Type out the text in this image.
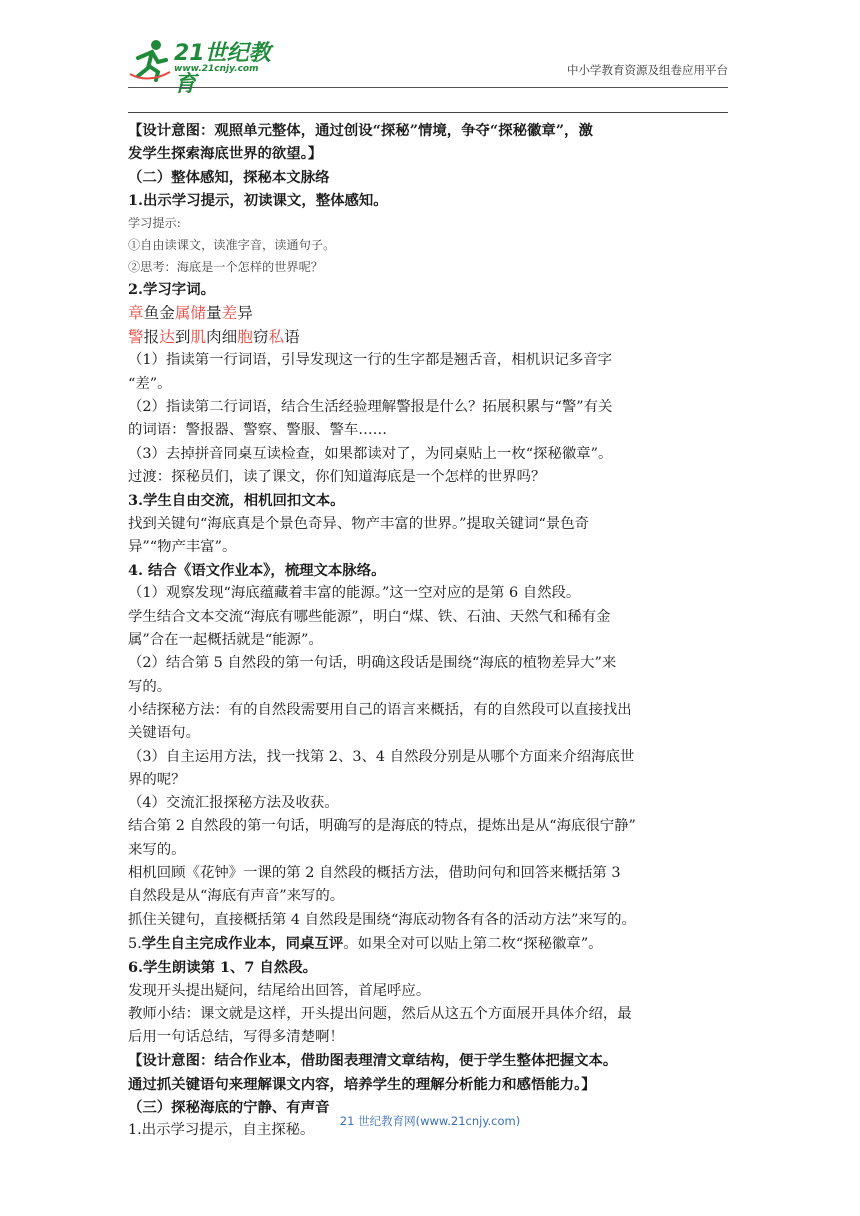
21世纪教育
www.21cnjy.com	中小学教育资源及组卷应用平台
【设计意图：观照单元整体，通过创设“探秘”情境，争夺“探秘徽章”，激
发学生探索海底世界的欲望。】
（二）整体感知，探秘本文脉络
1.出示学习提示，初读课文，整体感知。
学习提示:
①自由读课文，读准字音，读通句子。
②思考：海底是一个怎样的世界呢？
2.学习字词。
章鱼金属储量差异
警报达到肌肉细胞窃私语
（1）指读第一行词语，引导发现这一行的生字都是翘舌音，相机识记多音字
“差”。
（2）指读第二行词语，结合生活经验理解警报是什么？拓展积累与“警”有关
的词语：警报器、警察、警服、警车……
（3）去掉拼音同桌互读检查，如果都读对了，为同桌贴上一枚“探秘徽章”。
过渡：探秘员们，读了课文，你们知道海底是一个怎样的世界吗？
3.学生自由交流，相机回扣文本。
找到关键句“海底真是个景色奇异、物产丰富的世界。”提取关键词“景色奇
异”“物产丰富”。
4. 结合《语文作业本》，梳理文本脉络。
（1）观察发现“海底蕴藏着丰富的能源。”这一空对应的是第 6 自然段。
学生结合文本交流“海底有哪些能源”，明白“煤、铁、石油、天然气和稀有金
属”合在一起概括就是“能源”。
（2）结合第 5 自然段的第一句话，明确这段话是围绕“海底的植物差异大”来
写的。
小结探秘方法：有的自然段需要用自己的语言来概括，有的自然段可以直接找出
关键语句。
（3）自主运用方法，找一找第 2、3、4 自然段分别是从哪个方面来介绍海底世
界的呢？
（4）交流汇报探秘方法及收获。
结合第 2 自然段的第一句话，明确写的是海底的特点，提炼出是从“海底很宁静”
来写的。
相机回顾《花钟》一课的第 2 自然段的概括方法，借助问句和回答来概括第 3
自然段是从“海底有声音”来写的。
抓住关键句，直接概括第 4 自然段是围绕“海底动物各有各的活动方法”来写的。
5.学生自主完成作业本，同桌互评。如果全对可以贴上第二枚“探秘徽章”。
6.学生朗读第 1、7 自然段。
发现开头提出疑问，结尾给出回答，首尾呼应。
教师小结：课文就是这样，开头提出问题，然后从这五个方面展开具体介绍，最
后用一句话总结，写得多清楚啊！
【设计意图：结合作业本，借助图表理清文章结构，便于学生整体把握文本。
通过抓关键语句来理解课文内容，培养学生的理解分析能力和感悟能力。】
（三）探秘海底的宁静、有声音
1.出示学习提示，自主探秘。
21 世纪教育网(www.21cnjy.com)
